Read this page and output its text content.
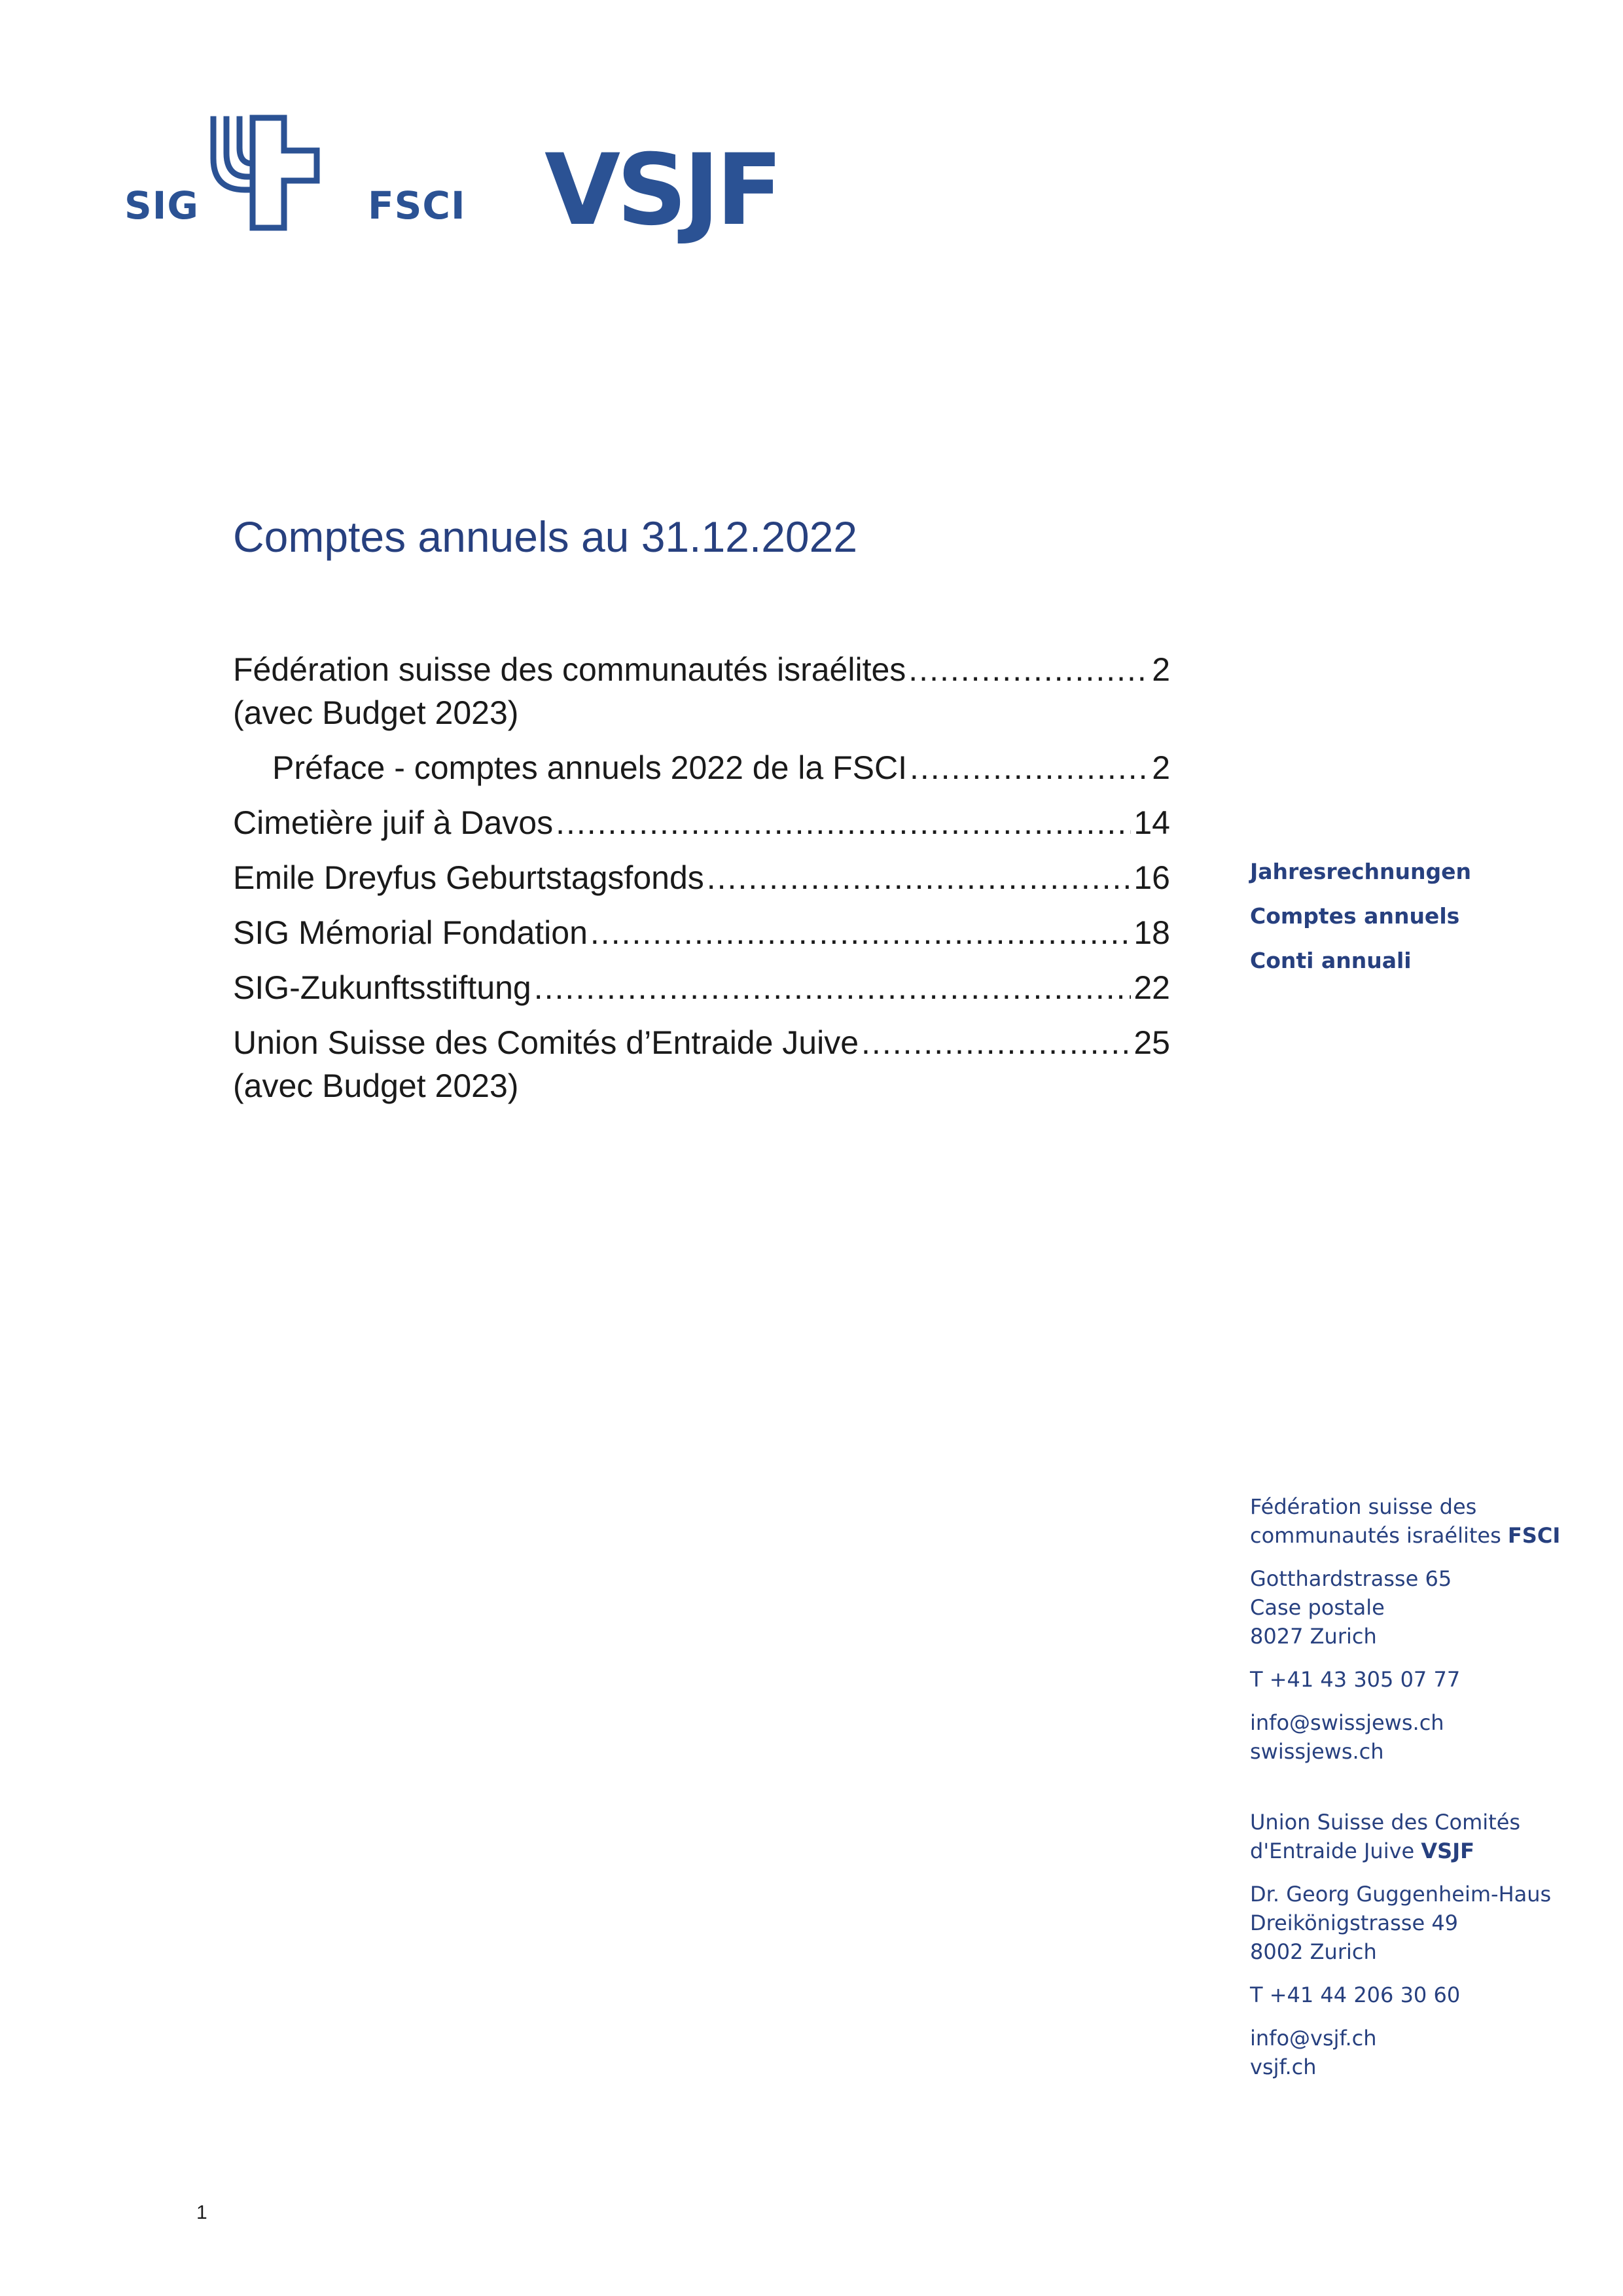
SIG	FSCI VSJF
Comptes annuels au 31.12.2022
Fédération suisse des communautés israélites .....	2
(avec Budget 2023)
Préface - comptes annuels 2022 de la FSCI .....	2
Cimetière juif à Davos .....	14
Emile Dreyfus Geburtstagsfonds .....	16
SIG Mémorial Fondation .....	18
SIG-Zukunftsstiftung .....	22
Union Suisse des Comités d’Entraide Juive .....	25
(avec Budget 2023)
Jahresrechnungen
Comptes annuels
Conti annuali

Fédération suisse des
communautés israélites FSCI

Gotthardstrasse 65
Case postale
8027 Zurich

T +41 43 305 07 77

info@swissjews.ch
swissjews.ch

Union Suisse des Comités
d'Entraide Juive VSJF

Dr. Georg Guggenheim-Haus
Dreikönigstrasse 49
8002 Zurich

T +41 44 206 30 60

info@vsjf.ch
vsjf.ch

1
